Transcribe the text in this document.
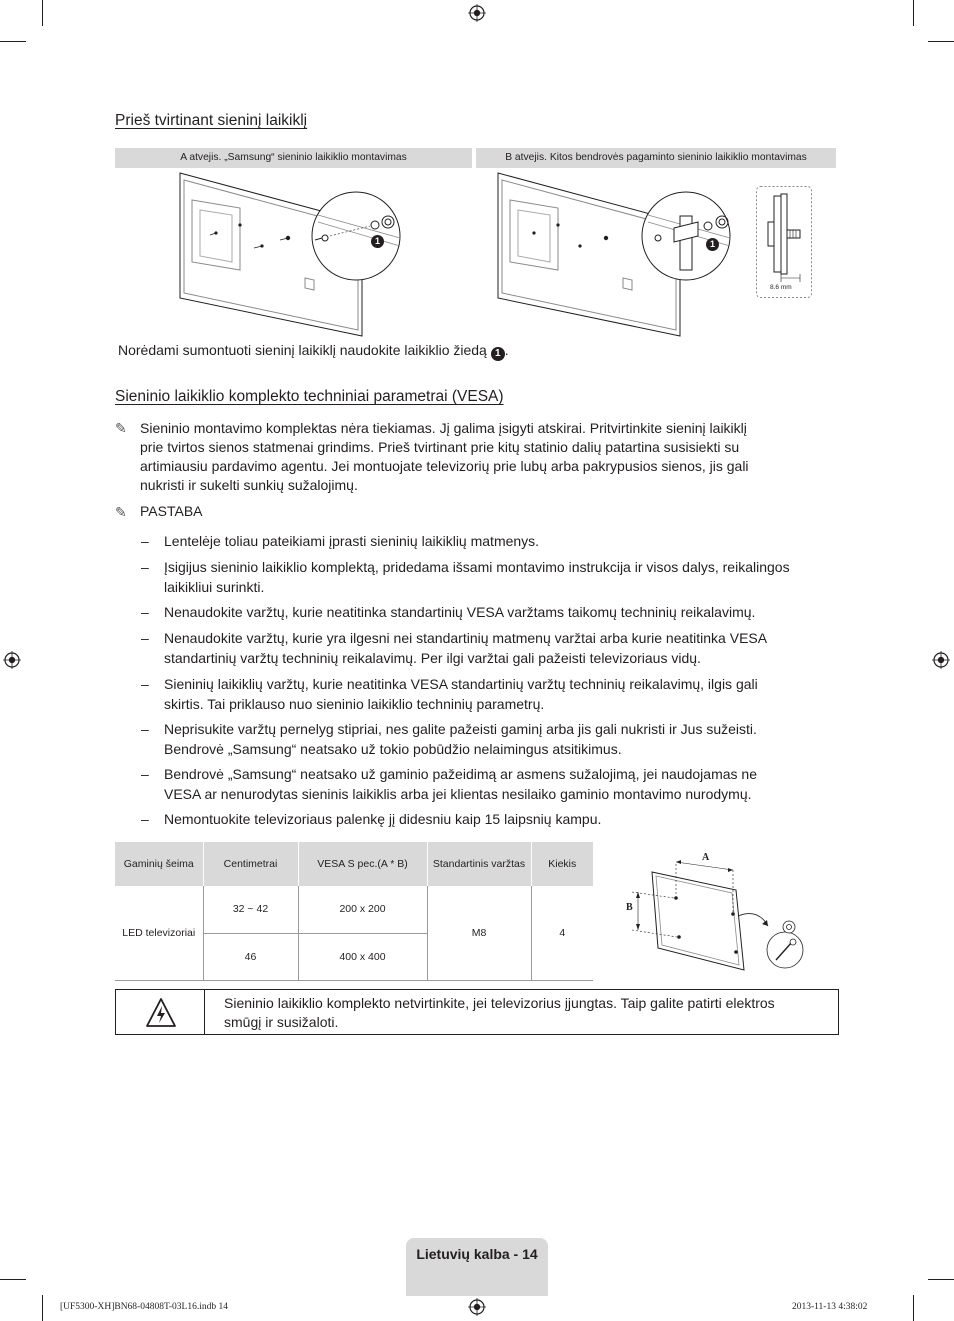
Prieš tvirtinant sieninį laikiklį
A atvejis. „Samsung“ sieninio laikiklio montavimas	B atvejis. Kitos bendrovės pagaminto sieninio laikiklio montavimas
1	1
8.6 mm
Norėdami sumontuoti sieninį laikiklį naudokite laikiklio žiedą 1 .
Sieninio laikiklio komplekto techniniai parametrai (VESA)
✎ Sieninio montavimo komplektas nėra tiekiamas. Jį galima įsigyti atskirai. Pritvirtinkite sieninį laikiklį
prie tvirtos sienos statmenai grindims. Prieš tvirtinant prie kitų statinio dalių patartina susisiekti su
artimiausiu pardavimo agentu. Jei montuojate televizorių prie lubų arba pakrypusios sienos, jis gali
nukristi ir sukelti sunkių sužalojimų.
✎ PASTABA
– Lentelėje toliau pateikiami įprasti sieninių laikiklių matmenys.
– Įsigijus sieninio laikiklio komplektą, pridedama išsami montavimo instrukcija ir visos dalys, reikalingos
laikikliui surinkti.
– Nenaudokite varžtų, kurie neatitinka standartinių VESA varžtams taikomų techninių reikalavimų.
– Nenaudokite varžtų, kurie yra ilgesni nei standartinių matmenų varžtai arba kurie neatitinka VESA
standartinių varžtų techninių reikalavimų. Per ilgi varžtai gali pažeisti televizoriaus vidų.
– Sieninių laikiklių varžtų, kurie neatitinka VESA standartinių varžtų techninių reikalavimų, ilgis gali
skirtis. Tai priklauso nuo sieninio laikiklio techninių parametrų.
– Neprisukite varžtų pernelyg stipriai, nes galite pažeisti gaminį arba jis gali nukristi ir Jus sužeisti.
Bendrovė „Samsung“ neatsako už tokio pobūdžio nelaimingus atsitikimus.
– Bendrovė „Samsung“ neatsako už gaminio pažeidimą ar asmens sužalojimą, jei naudojamas ne
VESA ar nenurodytas sieninis laikiklis arba jei klientas nesilaiko gaminio montavimo nurodymų.
– Nemontuokite televizoriaus palenkę jį didesniu kaip 15 laipsnių kampu.
Gaminių šeima	Centimetrai	VESA S pec.(A * B)	Standartinis varžtas	Kiekis
LED televizoriai	32 ~ 42	200 x 200	M8	4
	46	400 x 400		
A
B
Sieninio laikiklio komplekto netvirtinkite, jei televizorius įjungtas. Taip galite patirti elektros
smūgį ir susižaloti.
Lietuvių kalba - 14
[UF5300-XH]BN68-04808T-03L16.indb 14	2013-11-13 4:38:02
